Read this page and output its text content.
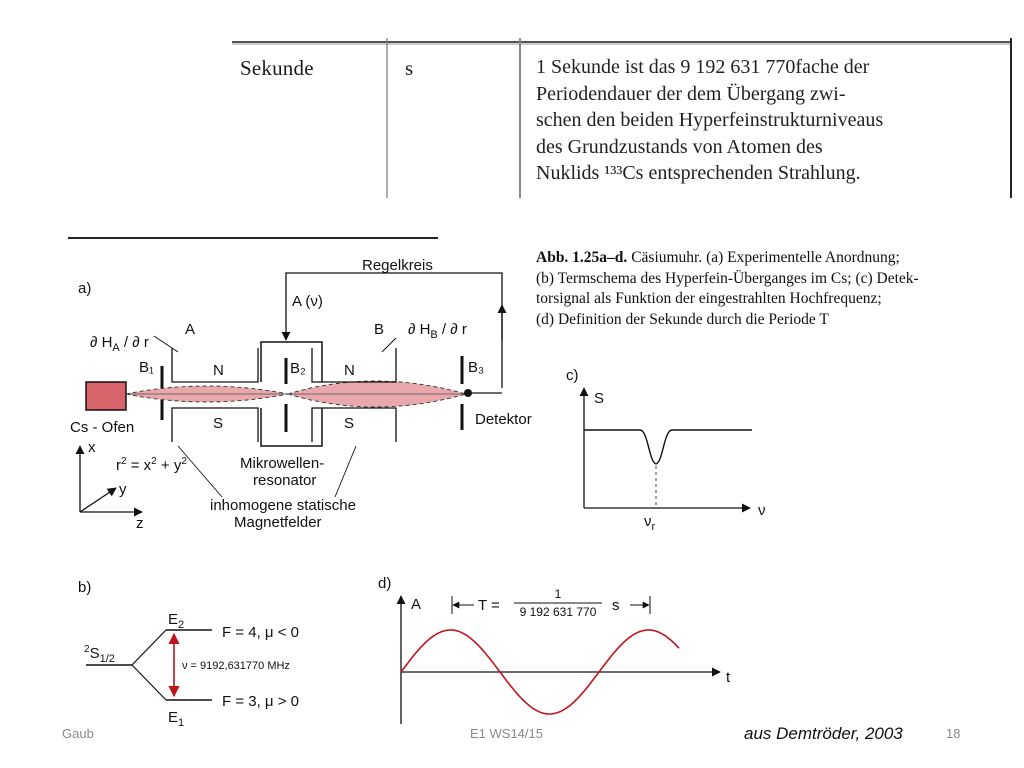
Sekunde	s	1 Sekunde ist das 9 192 631 770fache der
Periodendauer der dem Übergang zwi-
schen den beiden Hyperfeinstrukturniveaus
des Grundzustands von Atomen des
Nuklids ¹³³Cs entsprechenden Strahlung.
Abb. 1.25a–d. Cäsiumuhr. (a) Experimentelle Anordnung;
(b) Termschema des Hyperfein-Überganges im Cs; (c) Detek-
torsignal als Funktion der eingestrahlten Hochfrequenz;
(d) Definition der Sekunde durch die Periode T
a)
Regelkreis
A (ν)
Cs - Ofen
B₁	N
S
A
∂ $H_A$ / ∂ r
B₂
Mikrowellen-
resonator
N
S
B ∂ $H_B$ / ∂ r
B₃
Detektor
inhomogene statische
Magnetfelder
x
y
z
$r^2 = x^2 + y^2$
c)
S
ν
$\nu_r$
b)
$^2S_{1/2}$
$E_2$
$E_1$
F = 4, μ < 0
F = 3, μ > 0
ν = 9192,631770 MHz
d)
A
t
T =
1
9 192 631 770 s
Gaub	E1 WS14/15	aus Demtröder, 2003	18
